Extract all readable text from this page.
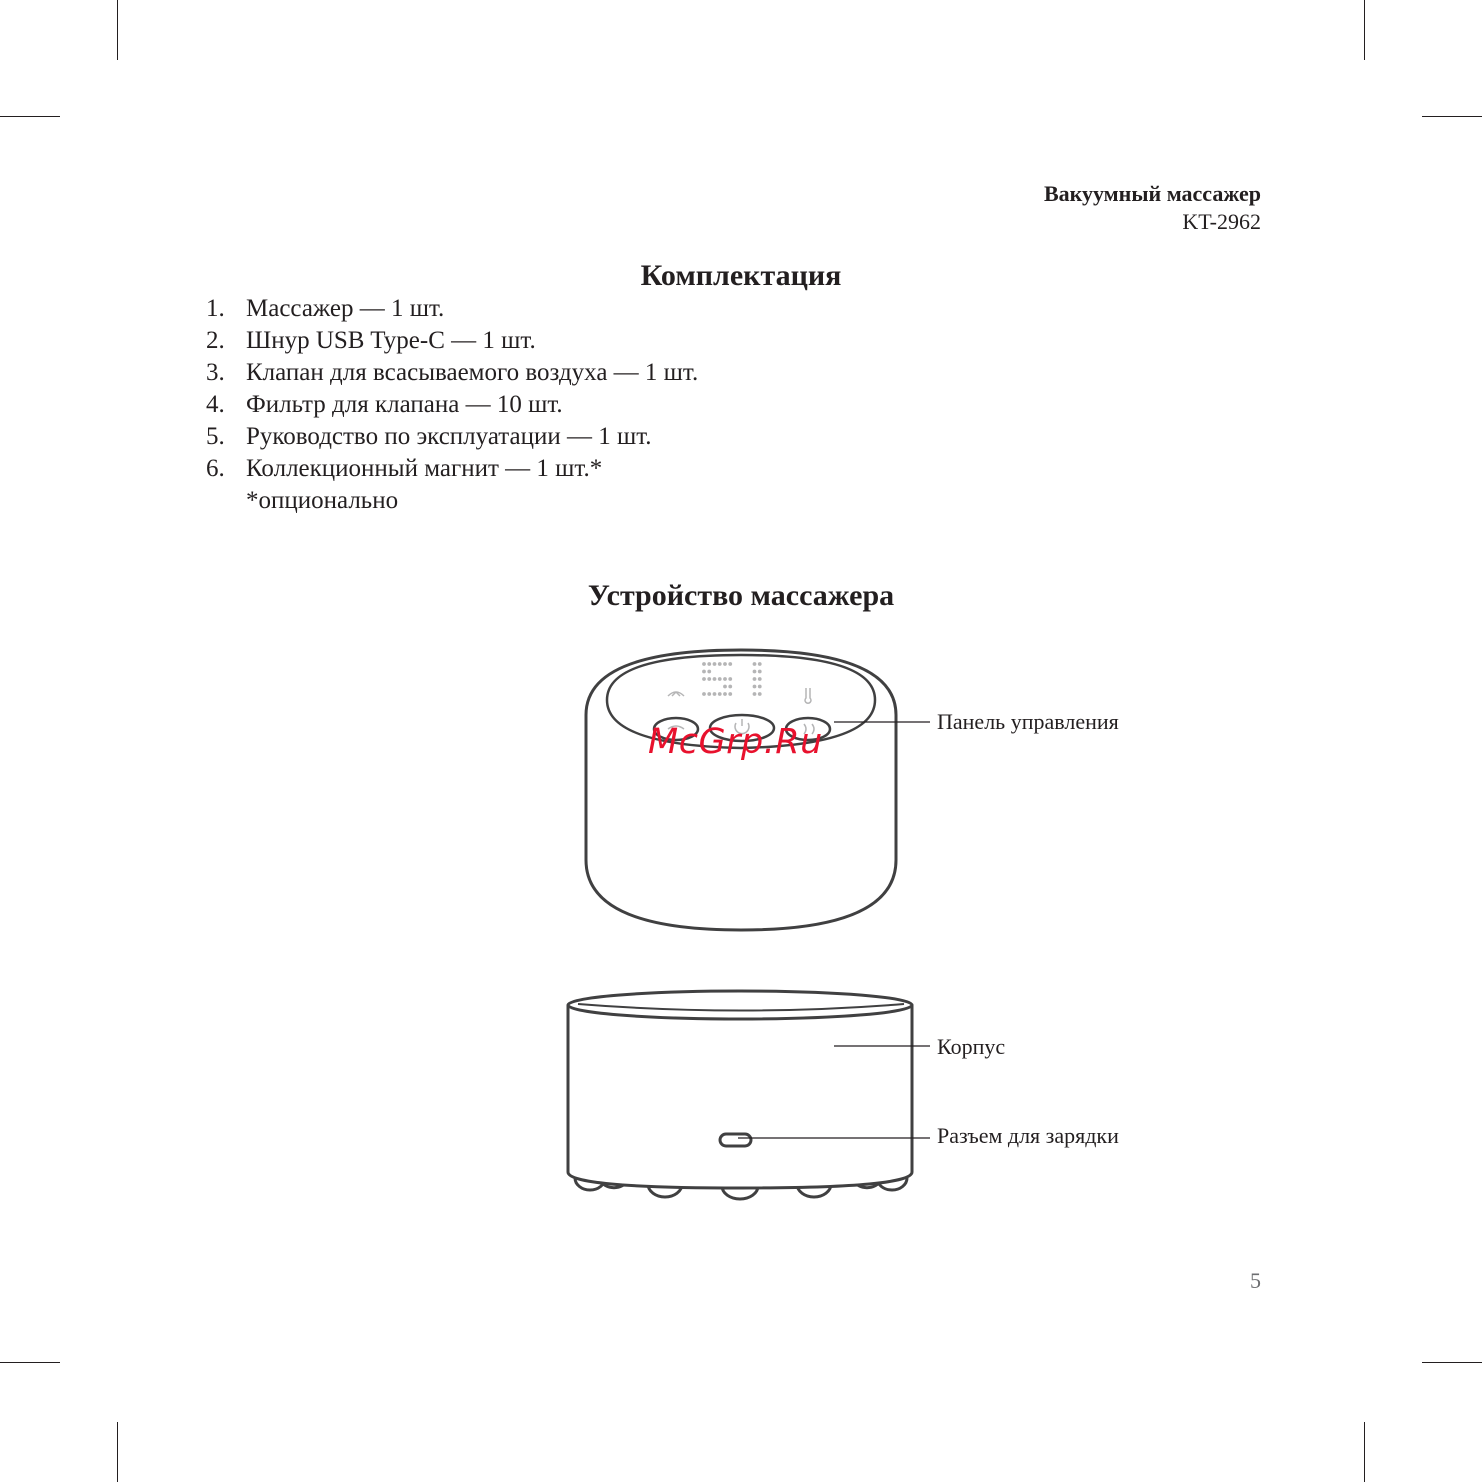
Вакуумный массажер
KT-2962
Комплектация
1. Массажер — 1 шт.
2. Шнур USB Type-C — 1 шт.
3. Клапан для всасываемого воздуха — 1 шт.
4. Фильтр для клапана — 10 шт.
5. Руководство по эксплуатации — 1 шт.
6. Коллекционный магнит — 1 шт.*
*опционально
Устройство массажера
Панель управления
Корпус
Разъем для зарядки
McGrp.Ru
5
